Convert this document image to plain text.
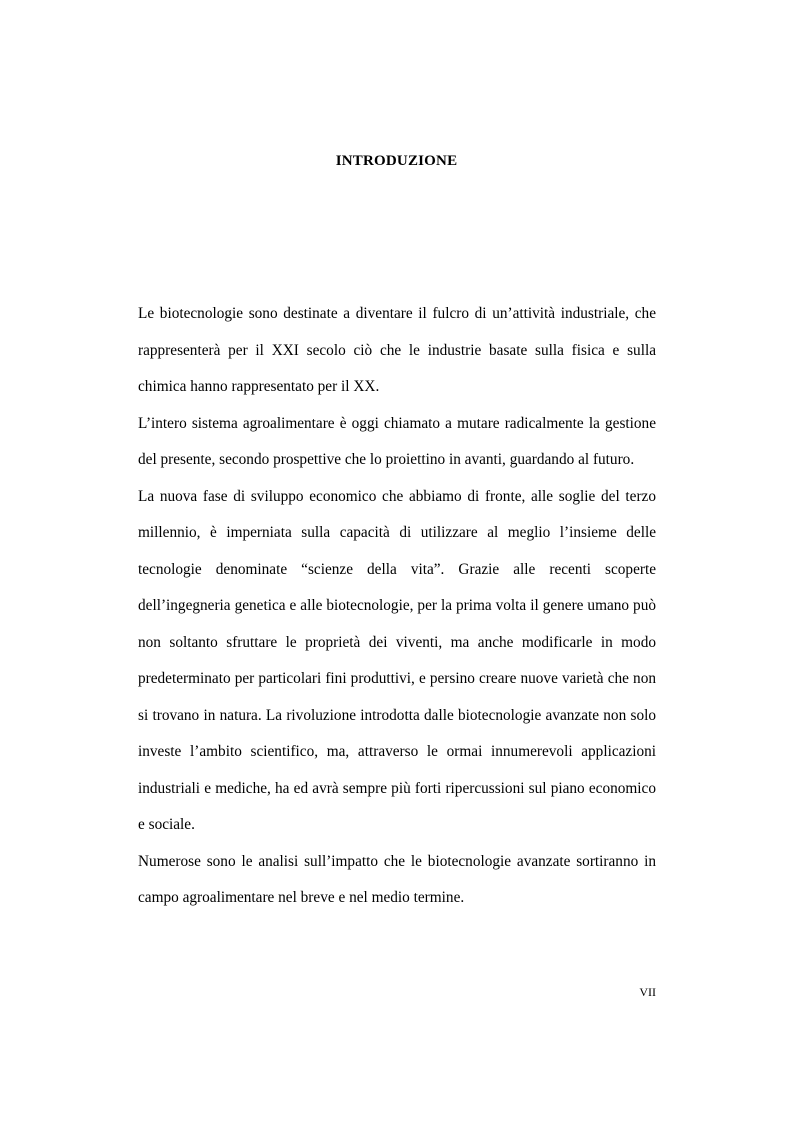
INTRODUZIONE

Le biotecnologie sono destinate a diventare il fulcro di un’attività industriale, che rappresenterà per il XXI secolo ciò che le industrie basate sulla fisica e sulla chimica hanno rappresentato per il XX.

L’intero sistema agroalimentare è oggi chiamato a mutare radicalmente la gestione del presente, secondo prospettive che lo proiettino in avanti, guardando al futuro.

La nuova fase di sviluppo economico che abbiamo di fronte, alle soglie del terzo millennio, è imperniata sulla capacità di utilizzare al meglio l’insieme delle tecnologie denominate “scienze della vita”. Grazie alle recenti scoperte dell’ingegneria genetica e alle biotecnologie, per la prima volta il genere umano può non soltanto sfruttare le proprietà dei viventi, ma anche modificarle in modo predeterminato per particolari fini produttivi, e persino creare nuove varietà che non si trovano in natura. La rivoluzione introdotta dalle biotecnologie avanzate non solo investe l’ambito scientifico, ma, attraverso le ormai innumerevoli applicazioni industriali e mediche, ha ed avrà sempre più forti ripercussioni sul piano economico e sociale.

Numerose sono le analisi sull’impatto che le biotecnologie avanzate sortiranno in campo agroalimentare nel breve e nel medio termine.

VII
